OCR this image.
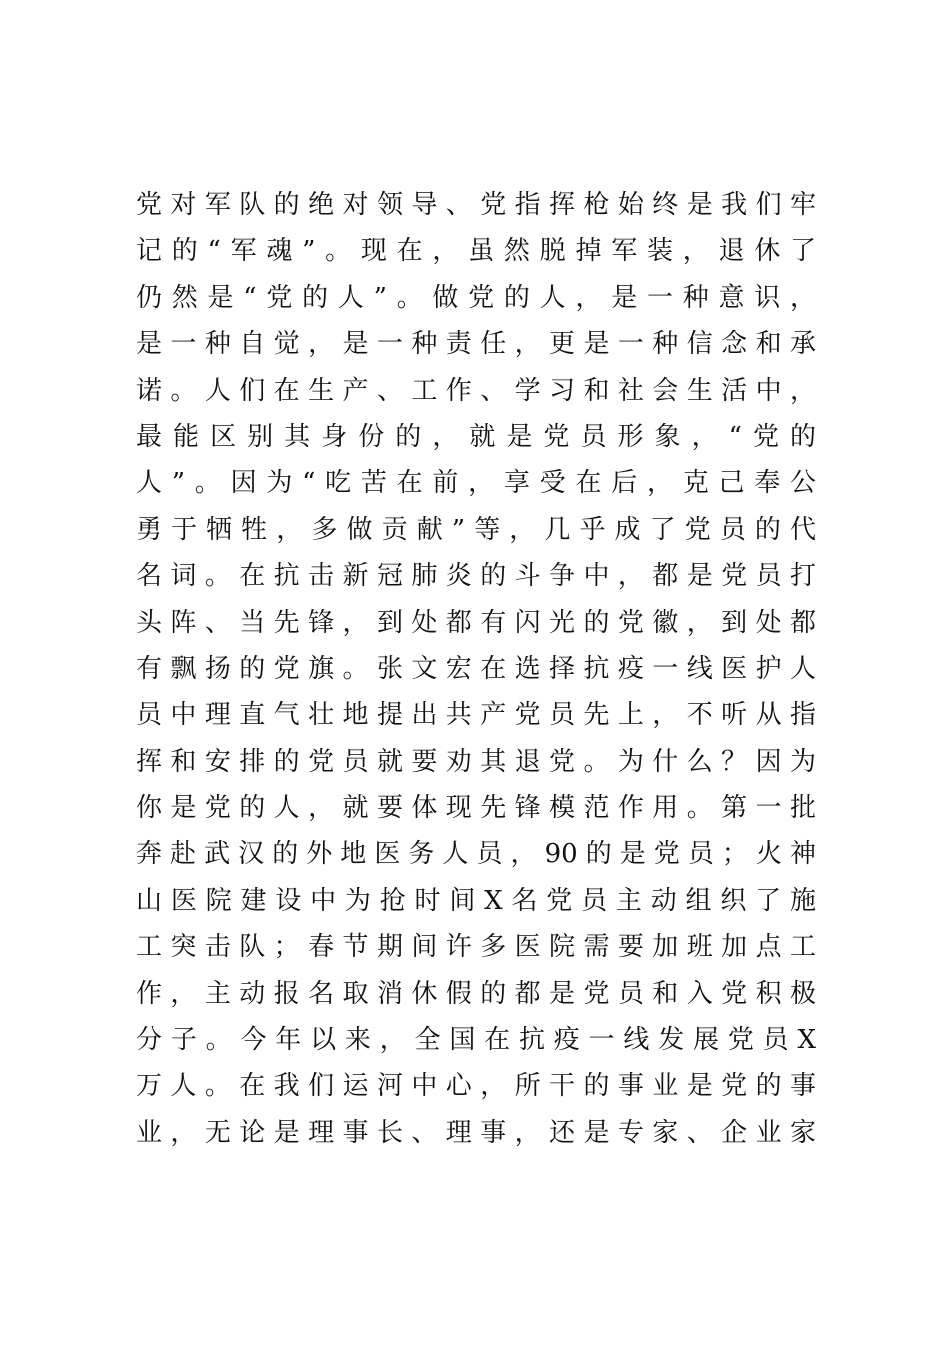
党对军队的绝对领导、党指挥枪始终是我们牢
记的“军魂”。现在，虽然脱掉军装，退休了
仍然是“党的人”。做党的人，是一种意识，
是一种自觉，是一种责任，更是一种信念和承
诺。人们在生产、工作、学习和社会生活中，
最能区别其身份的，就是党员形象，“党的
人”。因为“吃苦在前，享受在后，克己奉公
勇于牺牲，多做贡献”等，几乎成了党员的代
名词。在抗击新冠肺炎的斗争中，都是党员打
头阵、当先锋，到处都有闪光的党徽，到处都
有飘扬的党旗。张文宏在选择抗疫一线医护人
员中理直气壮地提出共产党员先上，不听从指
挥和安排的党员就要劝其退党。为什么？因为
你是党的人，就要体现先锋模范作用。第一批
奔赴武汉的外地医务人员，90的是党员；火神
山医院建设中为抢时间X名党员主动组织了施
工突击队；春节期间许多医院需要加班加点工
作，主动报名取消休假的都是党员和入党积极
分子。今年以来，全国在抗疫一线发展党员X
万人。在我们运河中心，所干的事业是党的事
业，无论是理事长、理事，还是专家、企业家
